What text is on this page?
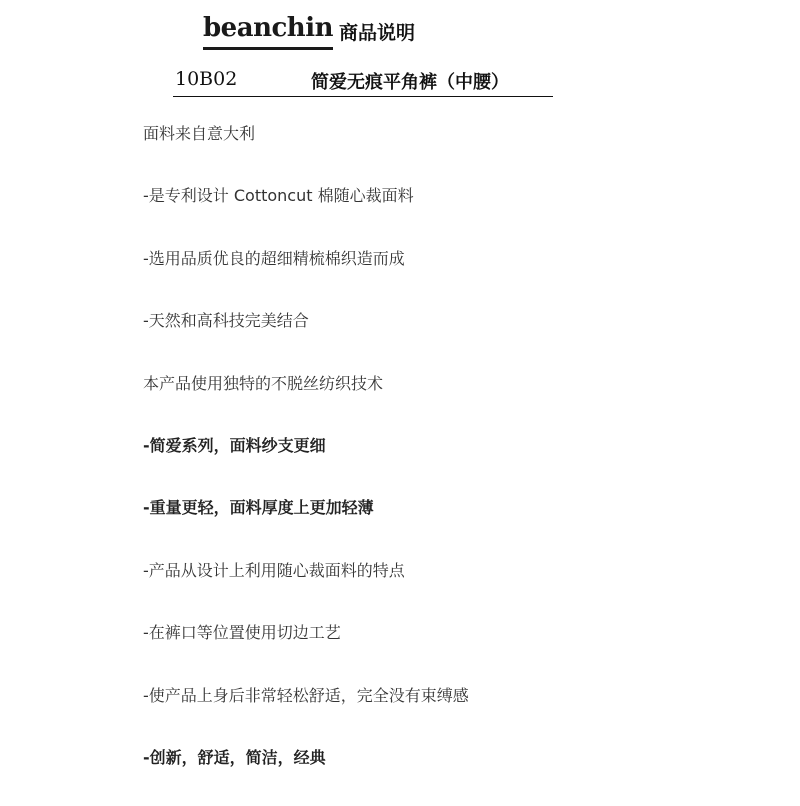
beanchin 商品说明
10B02	简爱无痕平角裤（中腰）
面料来自意大利
-是专利设计 Cottoncut 棉随心裁面料
-选用品质优良的超细精梳棉织造而成
-天然和高科技完美结合
本产品使用独特的不脱丝纺织技术
-简爱系列，面料纱支更细
-重量更轻，面料厚度上更加轻薄
-产品从设计上利用随心裁面料的特点
-在裤口等位置使用切边工艺
-使产品上身后非常轻松舒适，完全没有束缚感
-创新，舒适，简洁，经典
